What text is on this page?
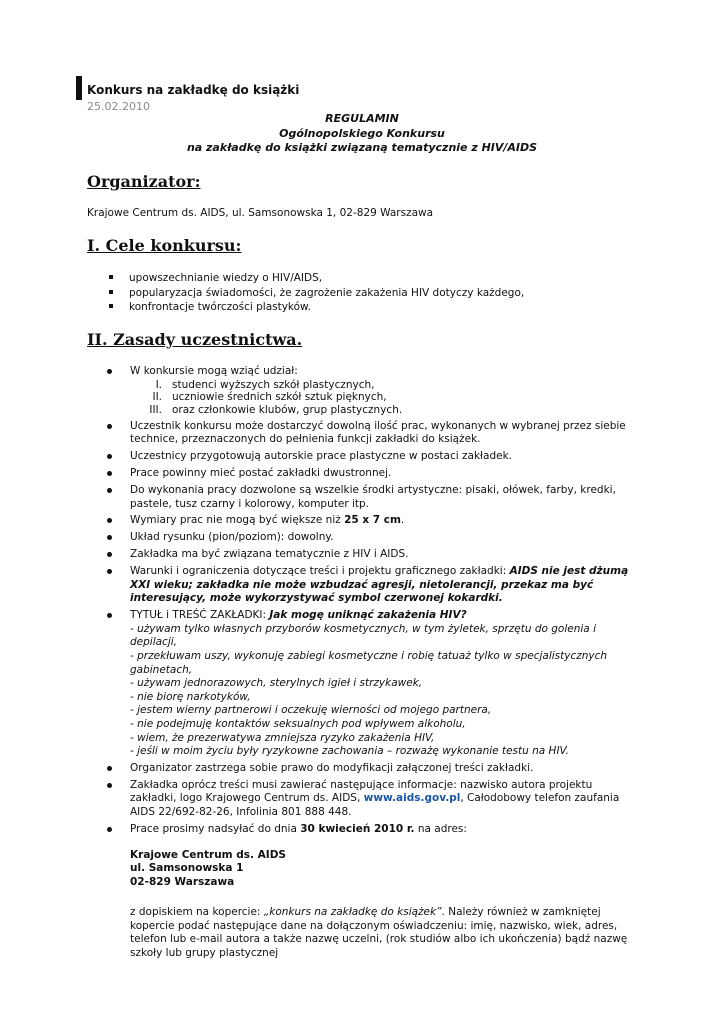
Konkurs na zakładkę do książki
25.02.2010
REGULAMIN
Ogólnopolskiego Konkursu
na zakładkę do książki związaną tematycznie z HIV/AIDS
Organizator:
Krajowe Centrum ds. AIDS, ul. Samsonowska 1, 02-829 Warszawa
I. Cele konkursu:
upowszechnianie wiedzy o HIV/AIDS,
popularyzacja świadomości, że zagrożenie zakażenia HIV dotyczy każdego,
konfrontacje twórczości plastyków.
II. Zasady uczestnictwa.
W konkursie mogą wziąć udział:
I. studenci wyższych szkół plastycznych,
II. uczniowie średnich szkół sztuk pięknych,
III. oraz członkowie klubów, grup plastycznych.
Uczestnik konkursu może dostarczyć dowolną ilość prac, wykonanych w wybranej przez siebie technice, przeznaczonych do pełnienia funkcji zakładki do książek.
Uczestnicy przygotowują autorskie prace plastyczne w postaci zakładek.
Prace powinny mieć postać zakładki dwustronnej.
Do wykonania pracy dozwolone są wszelkie środki artystyczne: pisaki, ołówek, farby, kredki, pastele, tusz czarny i kolorowy, komputer itp.
Wymiary prac nie mogą być większe niż 25 x 7 cm.
Układ rysunku (pion/poziom): dowolny.
Zakładka ma być związana tematycznie z HIV i AIDS.
Warunki i ograniczenia dotyczące treści i projektu graficznego zakładki: AIDS nie jest dżumą XXI wieku; zakładka nie może wzbudzać agresji, nietolerancji, przekaz ma być interesujący, może wykorzystywać symbol czerwonej kokardki.
TYTUŁ i TREŚĆ ZAKŁADKI: Jak mogę uniknąć zakażenia HIV?
- używam tylko własnych przyborów kosmetycznych, w tym żyletek, sprzętu do golenia i depilacji,
- przekłuwam uszy, wykonuję zabiegi kosmetyczne i robię tatuaż tylko w specjalistycznych gabinetach,
- używam jednorazowych, sterylnych igieł i strzykawek,
- nie biorę narkotyków,
- jestem wierny partnerowi i oczekuję wierności od mojego partnera,
- nie podejmuję kontaktów seksualnych pod wpływem alkoholu,
- wiem, że prezerwatywa zmniejsza ryzyko zakażenia HIV,
- jeśli w moim życiu były ryzykowne zachowania – rozważę wykonanie testu na HIV.
Organizator zastrzega sobie prawo do modyfikacji załączonej treści zakładki.
Zakładka oprócz treści musi zawierać następujące informacje: nazwisko autora projektu zakładki, logo Krajowego Centrum ds. AIDS, www.aids.gov.pl, Całodobowy telefon zaufania AIDS 22/692-82-26, Infolinia 801 888 448.
Prace prosimy nadsyłać do dnia 30 kwiecień 2010 r. na adres:
Krajowe Centrum ds. AIDS
ul. Samsonowska 1
02-829 Warszawa
z dopiskiem na kopercie: „konkurs na zakładkę do książek”. Należy również w zamkniętej kopercie podać następujące dane na dołączonym oświadczeniu: imię, nazwisko, wiek, adres, telefon lub e-mail autora a także nazwę uczelni, (rok studiów albo ich ukończenia) bądź nazwę szkoły lub grupy plastycznej
